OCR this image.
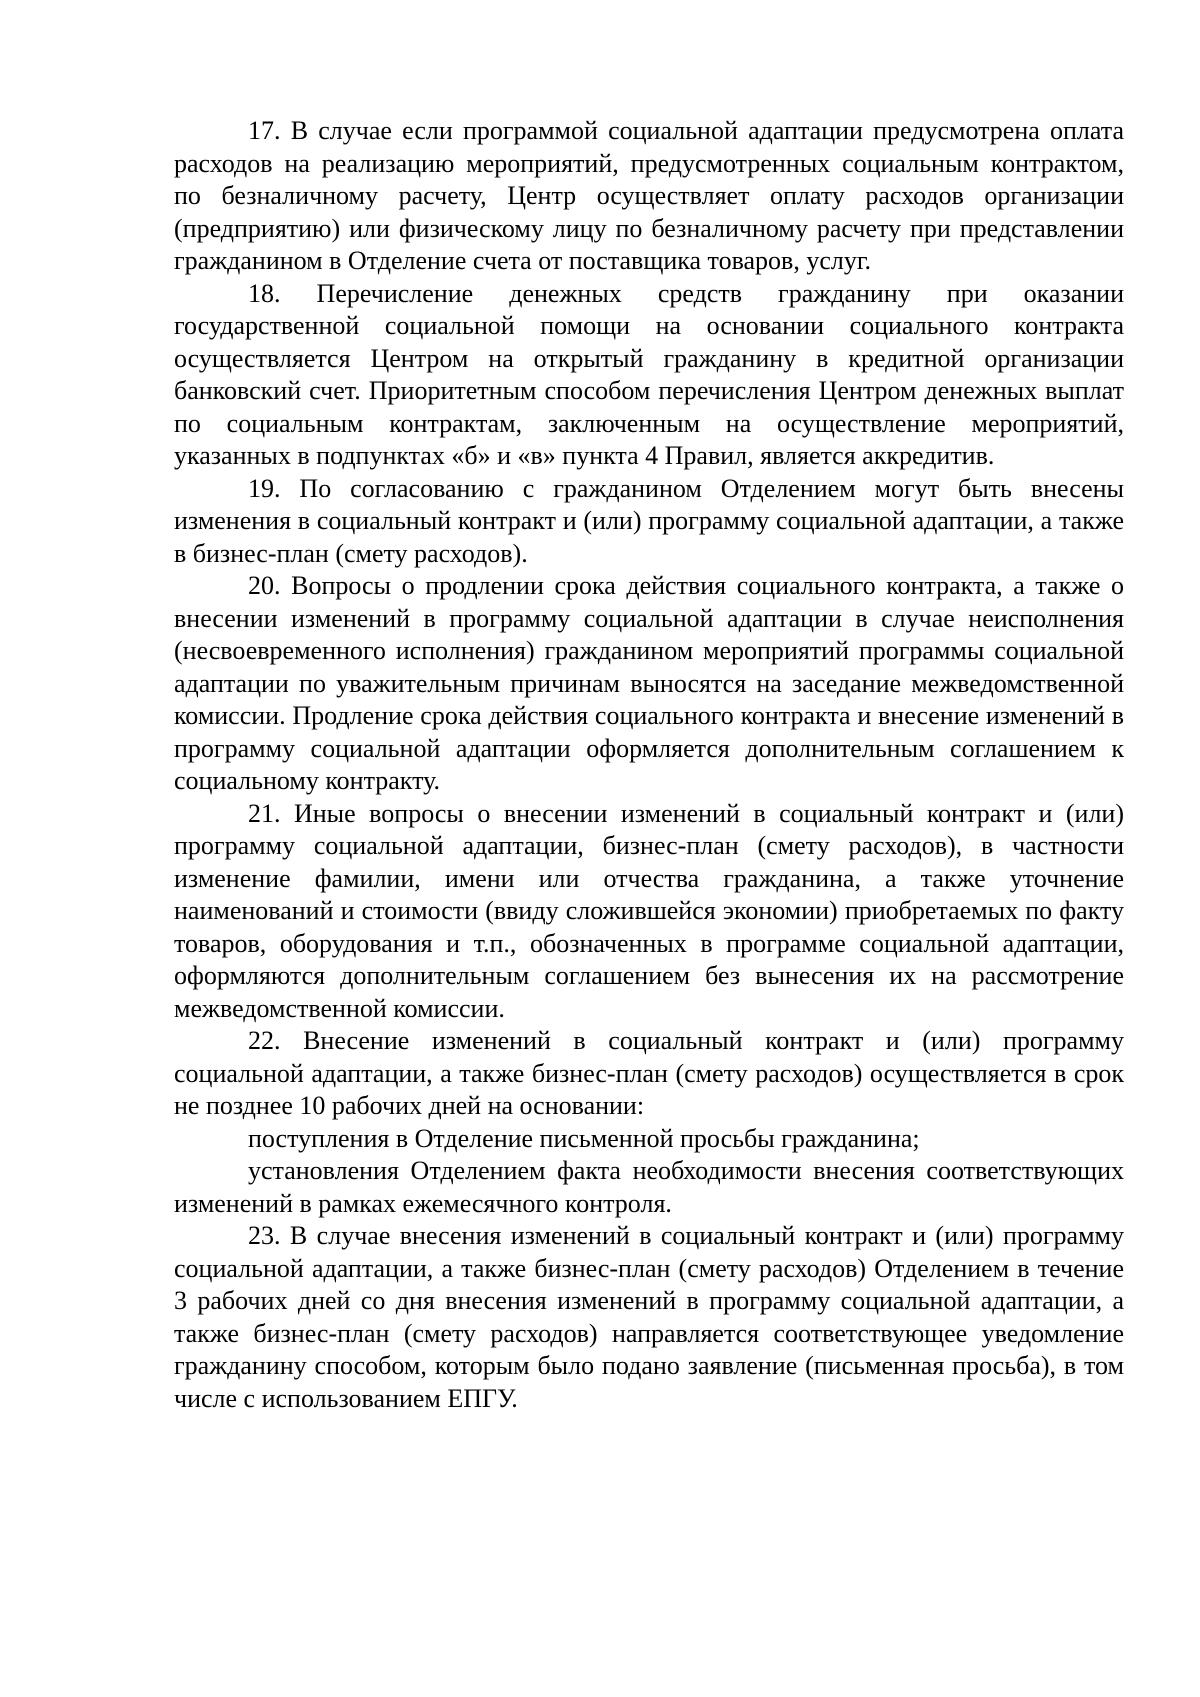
17. В случае если программой социальной адаптации предусмотрена оплата расходов на реализацию мероприятий, предусмотренных социальным контрактом, по безналичному расчету, Центр осуществляет оплату расходов организации (предприятию) или физическому лицу по безналичному расчету при представлении гражданином в Отделение счета от поставщика товаров, услуг.

18. Перечисление денежных средств гражданину при оказании государственной социальной помощи на основании социального контракта осуществляется Центром на открытый гражданину в кредитной организации банковский счет. Приоритетным способом перечисления Центром денежных выплат по социальным контрактам, заключенным на осуществление мероприятий, указанных в подпунктах «б» и «в» пункта 4 Правил, является аккредитив.

19. По согласованию с гражданином Отделением могут быть внесены изменения в социальный контракт и (или) программу социальной адаптации, а также в бизнес-план (смету расходов).

20. Вопросы о продлении срока действия социального контракта, а также о внесении изменений в программу социальной адаптации в случае неисполнения (несвоевременного исполнения) гражданином мероприятий программы социальной адаптации по уважительным причинам выносятся на заседание межведомственной комиссии. Продление срока действия социального контракта и внесение изменений в программу социальной адаптации оформляется дополнительным соглашением к социальному контракту.

21. Иные вопросы о внесении изменений в социальный контракт и (или) программу социальной адаптации, бизнес-план (смету расходов), в частности изменение фамилии, имени или отчества гражданина, а также уточнение наименований и стоимости (ввиду сложившейся экономии) приобретаемых по факту товаров, оборудования и т.п., обозначенных в программе социальной адаптации, оформляются дополнительным соглашением без вынесения их на рассмотрение межведомственной комиссии.

22. Внесение изменений в социальный контракт и (или) программу социальной адаптации, а также бизнес-план (смету расходов) осуществляется в срок не позднее 10 рабочих дней на основании:

поступления в Отделение письменной просьбы гражданина;

установления Отделением факта необходимости внесения соответствующих изменений в рамках ежемесячного контроля.

23. В случае внесения изменений в социальный контракт и (или) программу социальной адаптации, а также бизнес-план (смету расходов) Отделением в течение 3 рабочих дней со дня внесения изменений в программу социальной адаптации, а также бизнес-план (смету расходов) направляется соответствующее уведомление гражданину способом, которым было подано заявление (письменная просьба), в том числе с использованием ЕПГУ.
